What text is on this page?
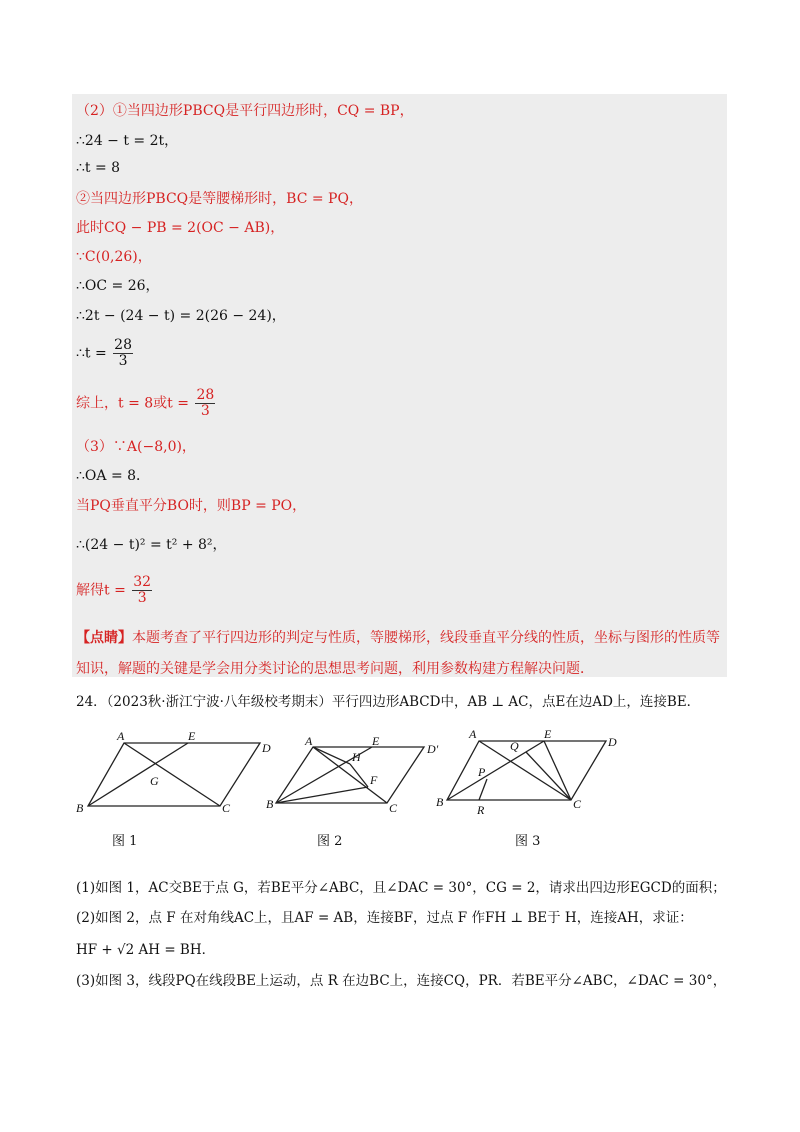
（2）①当四边形PBCQ是平行四边形时，CQ = BP，
∴24 − t = 2t，
∴t = 8
②当四边形PBCQ是等腰梯形时，BC = PQ，
此时CQ − PB = 2(OC − AB)，
∵C(0,26)，
∴OC = 26，
∴2t − (24 − t) = 2(26 − 24)，
∴t = $\frac{28}{3}$
综上，t = 8或$t = \frac{28}{3}$
（3）∵A(−8,0)，
∴OA = 8．
当PQ垂直平分BO时，则BP = PO，
∴(24 − t)² = t² + 8²，
解得$t = \frac{32}{3}$
【点睛】本题考查了平行四边形的判定与性质，等腰梯形，线段垂直平分线的性质，坐标与图形的性质等
知识，解题的关键是学会用分类讨论的思想思考问题，利用参数构建方程解决问题．
24．（2023秋·浙江宁波·八年级校考期末）平行四边形ABCD中，AB ⊥ AC，点E在边AD上，连接BE．
A	E
D
G
B	C
A	E
D'
H
F
B	C
A
Q
E
D
P
B
R	C
图 1	图 2	图 3
(1)如图 1，AC交BE于点 G，若BE平分∠ABC，且∠DAC = 30°，CG = 2，请求出四边形EGCD的面积；
(2)如图 2，点 F 在对角线AC上，且AF = AB，连接BF，过点 F 作FH ⊥ BE于 H，连接AH，求证：
HF + √2 AH = BH．
(3)如图 3，线段PQ在线段BE上运动，点 R 在边BC上，连接CQ，PR．若BE平分∠ABC，∠DAC = 30°，
